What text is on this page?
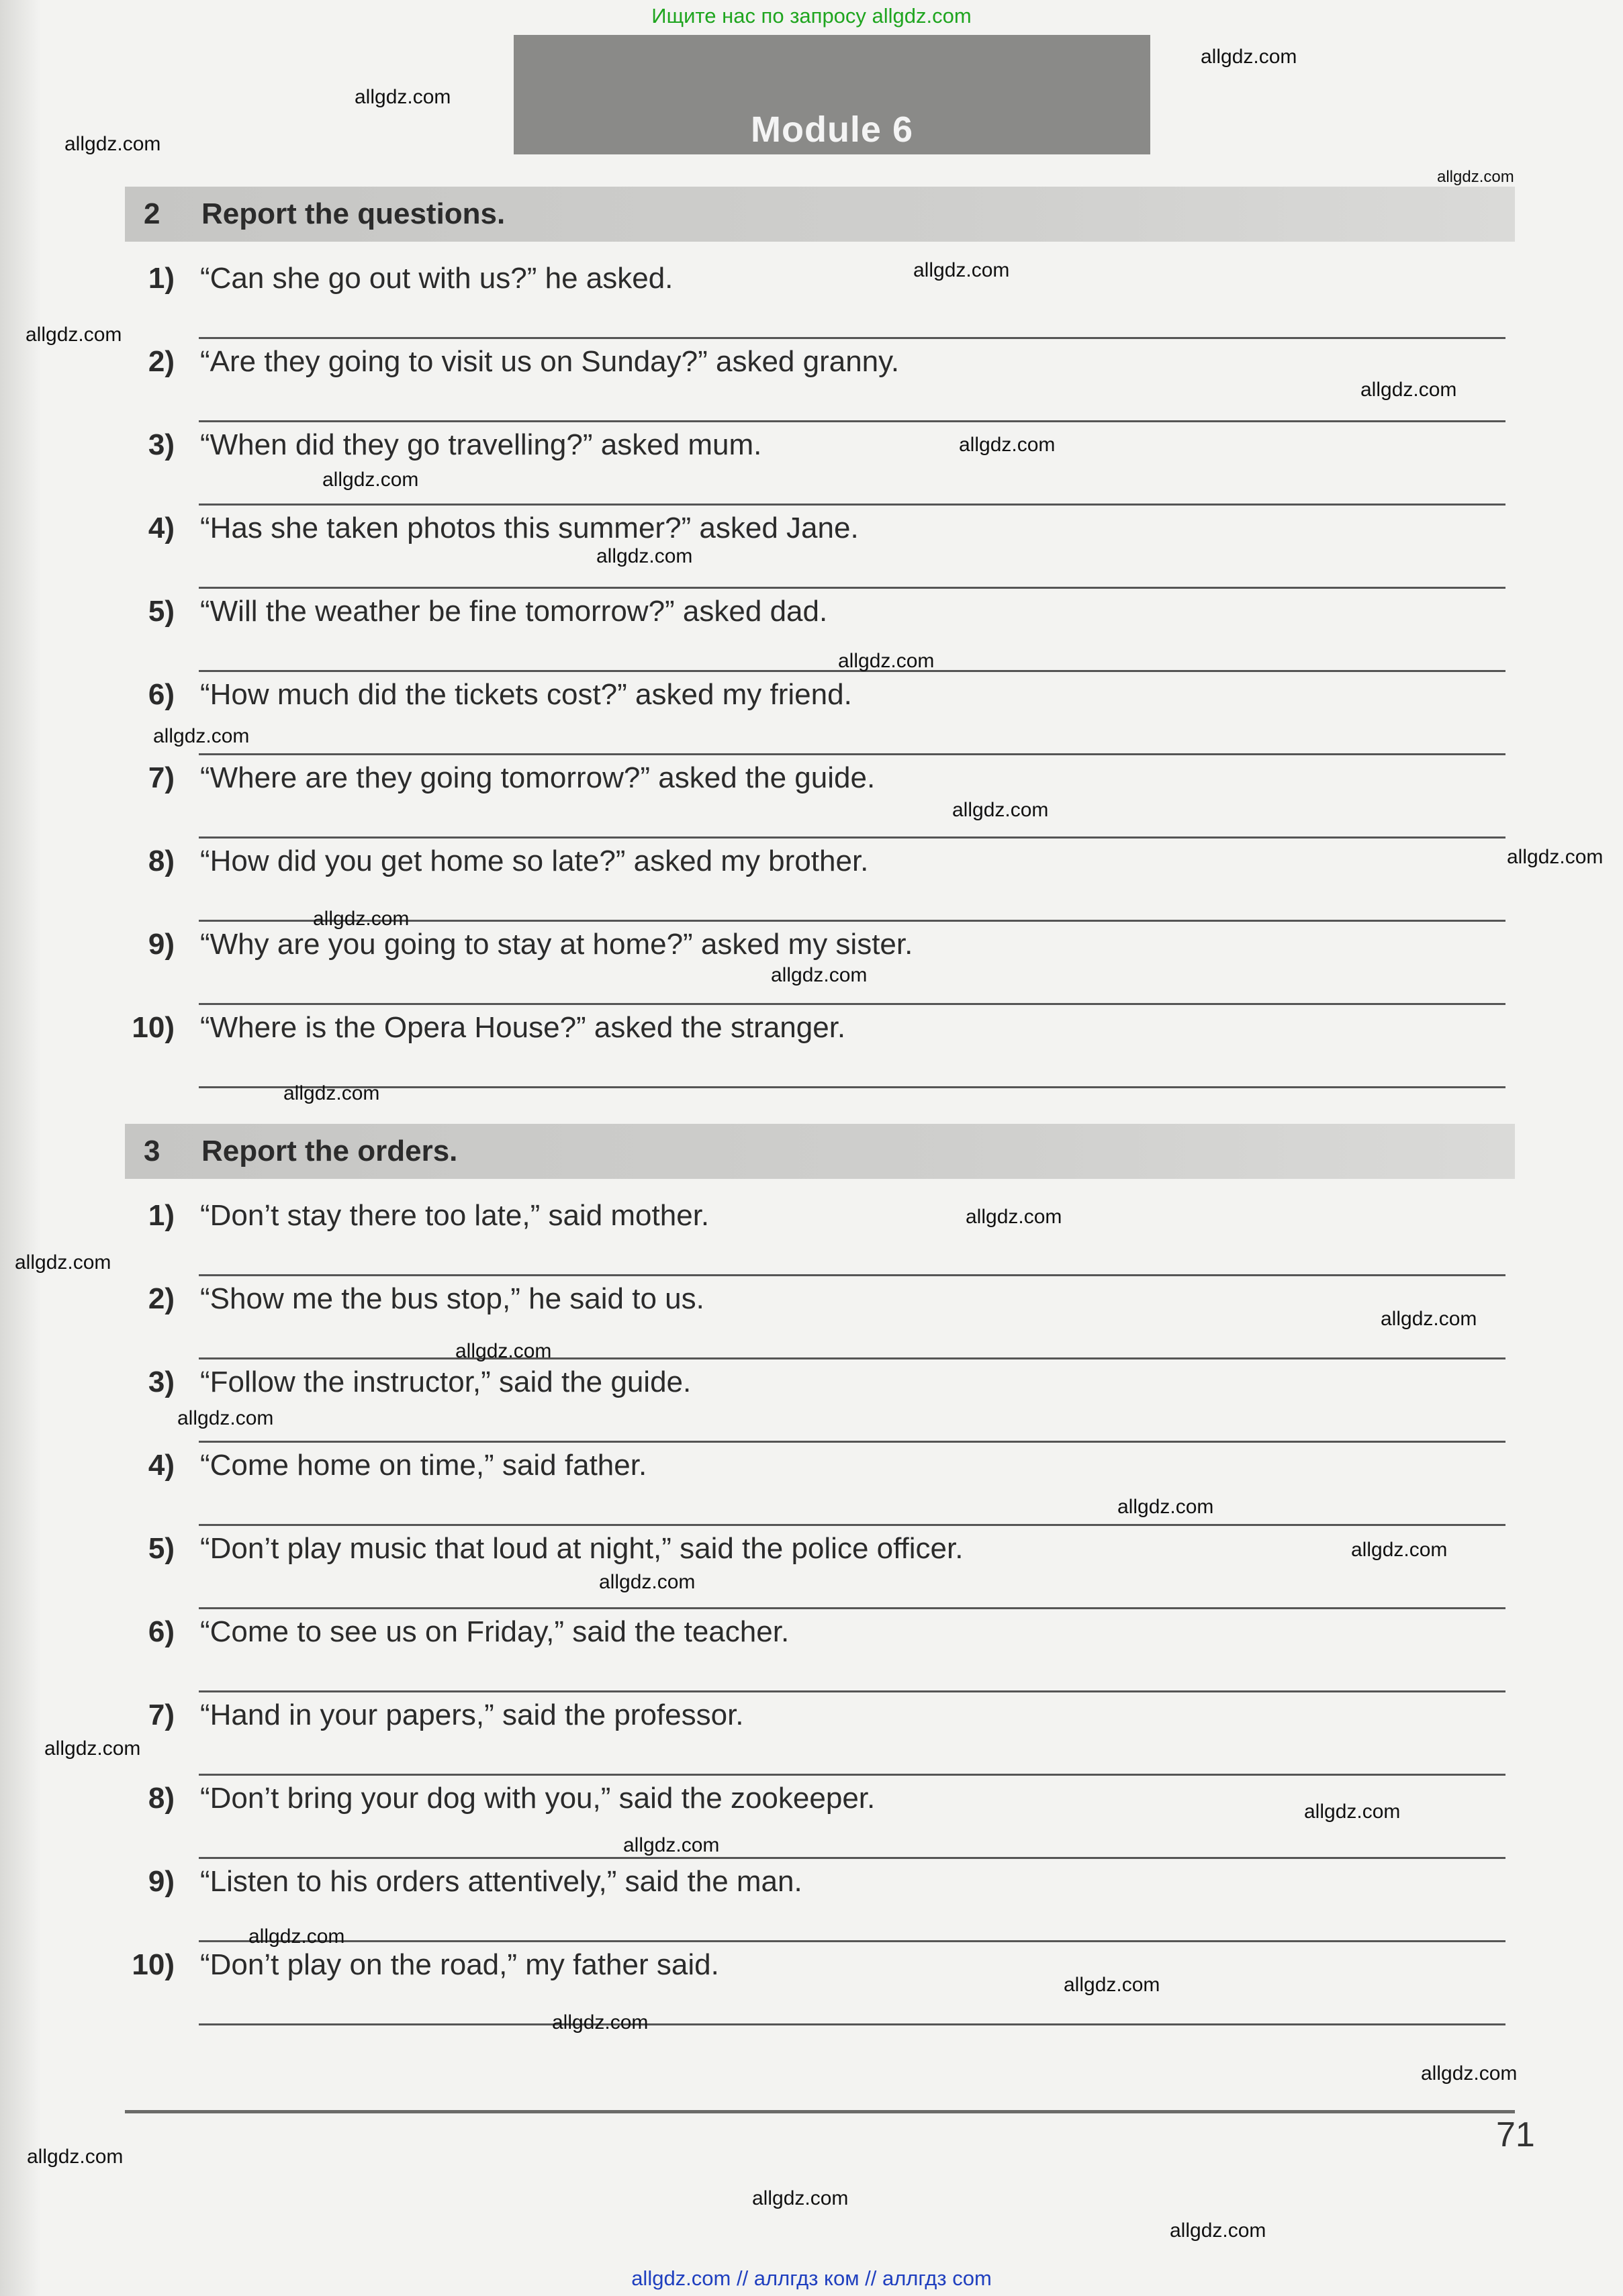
Ищите нас по запросу allgdz.com
Module 6
2 Report the questions.
1) “Can she go out with us?” he asked.
2) “Are they going to visit us on Sunday?” asked granny.
3) “When did they go travelling?” asked mum.
4) “Has she taken photos this summer?” asked Jane.
5) “Will the weather be fine tomorrow?” asked dad.
6) “How much did the tickets cost?” asked my friend.
7) “Where are they going tomorrow?” asked the guide.
8) “How did you get home so late?” asked my brother.
9) “Why are you going to stay at home?” asked my sister.
10) “Where is the Opera House?” asked the stranger.
3 Report the orders.
1) “Don’t stay there too late,” said mother.
2) “Show me the bus stop,” he said to us.
3) “Follow the instructor,” said the guide.
4) “Come home on time,” said father.
5) “Don’t play music that loud at night,” said the police officer.
6) “Come to see us on Friday,” said the teacher.
7) “Hand in your papers,” said the professor.
8) “Don’t bring your dog with you,” said the zookeeper.
9) “Listen to his orders attentively,” said the man.
10) “Don’t play on the road,” my father said.
71
allgdz.com
allgdz.com
allgdz.com
allgdz.com
allgdz.com
allgdz.com
allgdz.com
allgdz.com
allgdz.com
allgdz.com
allgdz.com
allgdz.com
allgdz.com
allgdz.com
allgdz.com
allgdz.com
allgdz.com
allgdz.com
allgdz.com
allgdz.com
allgdz.com
allgdz.com
allgdz.com
allgdz.com
allgdz.com
allgdz.com
allgdz.com
allgdz.com
allgdz.com
allgdz.com
allgdz.com
allgdz.com
allgdz.com
allgdz.com
allgdz.com
allgdz.com // аллгдз ком // аллгдз com
